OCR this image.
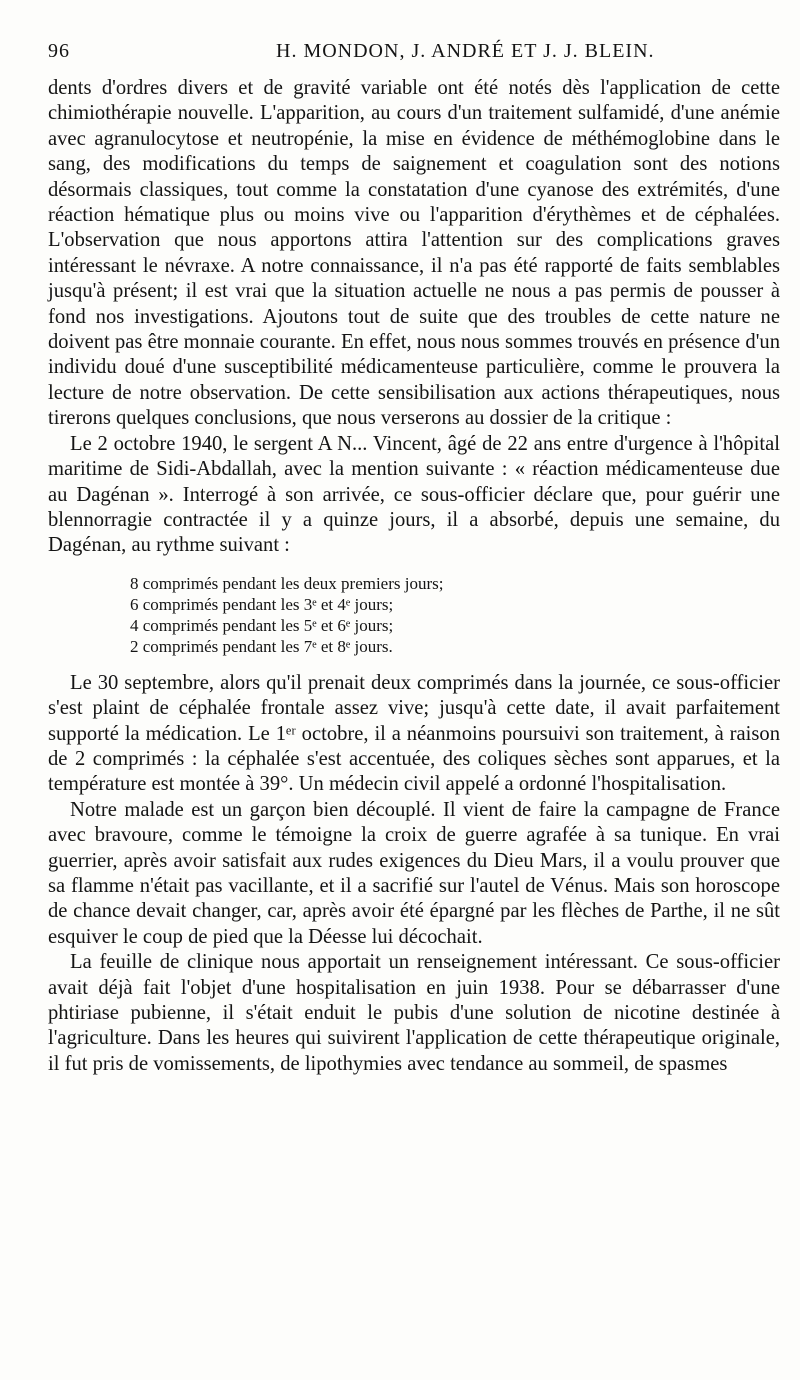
96	H. MONDON, J. ANDRÉ ET J. J. BLEIN.

dents d'ordres divers et de gravité variable ont été notés dès l'application de cette chimiothérapie nouvelle. L'apparition, au cours d'un traitement sulfamidé, d'une anémie avec agranulocytose et neutropénie, la mise en évidence de méthémoglobine dans le sang, des modifications du temps de saignement et coagulation sont des notions désormais classiques, tout comme la constatation d'une cyanose des extrémités, d'une réaction hématique plus ou moins vive ou l'apparition d'érythèmes et de céphalées. L'observation que nous apportons attira l'attention sur des complications graves intéressant le névraxe. A notre connaissance, il n'a pas été rapporté de faits semblables jusqu'à présent; il est vrai que la situation actuelle ne nous a pas permis de pousser à fond nos investigations. Ajoutons tout de suite que des troubles de cette nature ne doivent pas être monnaie courante. En effet, nous nous sommes trouvés en présence d'un individu doué d'une susceptibilité médicamenteuse particulière, comme le prouvera la lecture de notre observation. De cette sensibilisation aux actions thérapeutiques, nous tirerons quelques conclusions, que nous verserons au dossier de la critique :

Le 2 octobre 1940, le sergent A N... Vincent, âgé de 22 ans entre d'urgence à l'hôpital maritime de Sidi-Abdallah, avec la mention suivante : « réaction médicamenteuse due au Dagénan ». Interrogé à son arrivée, ce sous-officier déclare que, pour guérir une blennorragie contractée il y a quinze jours, il a absorbé, depuis une semaine, du Dagénan, au rythme suivant :

8 comprimés pendant les deux premiers jours;
6 comprimés pendant les 3ᵉ et 4ᵉ jours;
4 comprimés pendant les 5ᵉ et 6ᵉ jours;
2 comprimés pendant les 7ᵉ et 8ᵉ jours.

Le 30 septembre, alors qu'il prenait deux comprimés dans la journée, ce sous-officier s'est plaint de céphalée frontale assez vive; jusqu'à cette date, il avait parfaitement supporté la médication. Le 1ᵉʳ octobre, il a néanmoins poursuivi son traitement, à raison de 2 comprimés : la céphalée s'est accentuée, des coliques sèches sont apparues, et la température est montée à 39°. Un médecin civil appelé a ordonné l'hospitalisation.

Notre malade est un garçon bien découplé. Il vient de faire la campagne de France avec bravoure, comme le témoigne la croix de guerre agrafée à sa tunique. En vrai guerrier, après avoir satisfait aux rudes exigences du Dieu Mars, il a voulu prouver que sa flamme n'était pas vacillante, et il a sacrifié sur l'autel de Vénus. Mais son horoscope de chance devait changer, car, après avoir été épargné par les flèches de Parthe, il ne sût esquiver le coup de pied que la Déesse lui décochait.

La feuille de clinique nous apportait un renseignement intéressant. Ce sous-officier avait déjà fait l'objet d'une hospitalisation en juin 1938. Pour se débarrasser d'une phtiriase pubienne, il s'était enduit le pubis d'une solution de nicotine destinée à l'agriculture. Dans les heures qui suivirent l'application de cette thérapeutique originale, il fut pris de vomissements, de lipothymies avec tendance au sommeil, de spasmes
